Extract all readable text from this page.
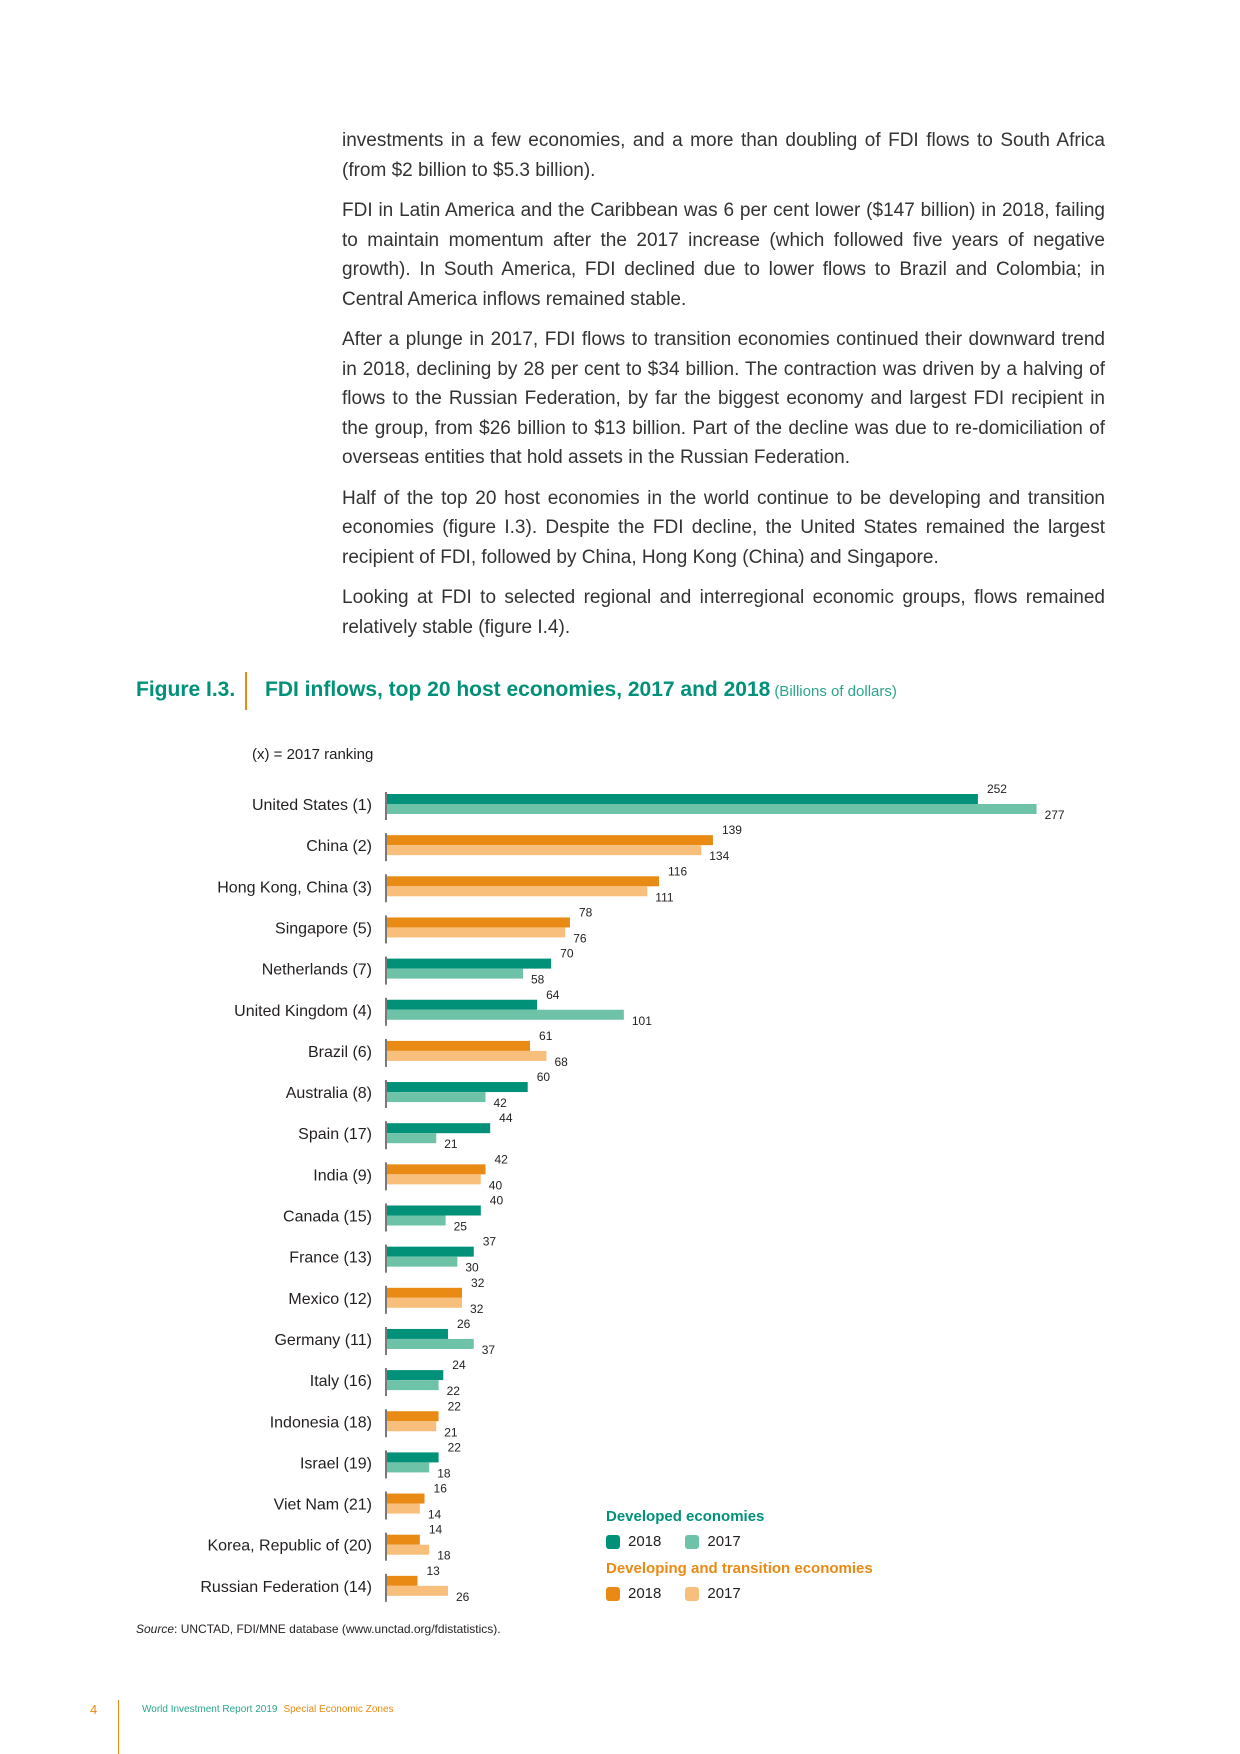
investments in a few economies, and a more than doubling of FDI flows to South Africa (from $2 billion to $5.3 billion).

FDI in Latin America and the Caribbean was 6 per cent lower ($147 billion) in 2018, failing to maintain momentum after the 2017 increase (which followed five years of negative growth). In South America, FDI declined due to lower flows to Brazil and Colombia; in Central America inflows remained stable.

After a plunge in 2017, FDI flows to transition economies continued their downward trend in 2018, declining by 28 per cent to $34 billion. The contraction was driven by a halving of flows to the Russian Federation, by far the biggest economy and largest FDI recipient in the group, from $26 billion to $13 billion. Part of the decline was due to re-domiciliation of overseas entities that hold assets in the Russian Federation.

Half of the top 20 host economies in the world continue to be developing and transition economies (figure I.3). Despite the FDI decline, the United States remained the largest recipient of FDI, followed by China, Hong Kong (China) and Singapore.

Looking at FDI to selected regional and interregional economic groups, flows remained relatively stable (figure I.4).

Figure I.3. FDI inflows, top 20 host economies, 2017 and 2018 (Billions of dollars)
(x) = 2017 ranking
United States (1)
252
277
China (2)
139
134
Hong Kong, China (3)
116
111
Singapore (5)
78
76
Netherlands (7)
70
58
United Kingdom (4)
64
101
Brazil (6)
61
68
Australia (8)
60
42
Spain (17)
44
21
India (9)
42
40
Canada (15)
40
25
France (13)
37
30
Mexico (12)
32
32
Germany (11)
26
37
Italy (16)
24
22
Indonesia (18)
22
21
Israel (19)
22
18
Viet Nam (21)
16
14
Korea, Republic of (20)
14
18
Russian Federation (14)
13
26
Developed economies
2018	2017
Developing and transition economies
2018	2017
Source: UNCTAD, FDI/MNE database (www.unctad.org/fdistatistics).
4	World Investment Report 2019 Special Economic Zones
